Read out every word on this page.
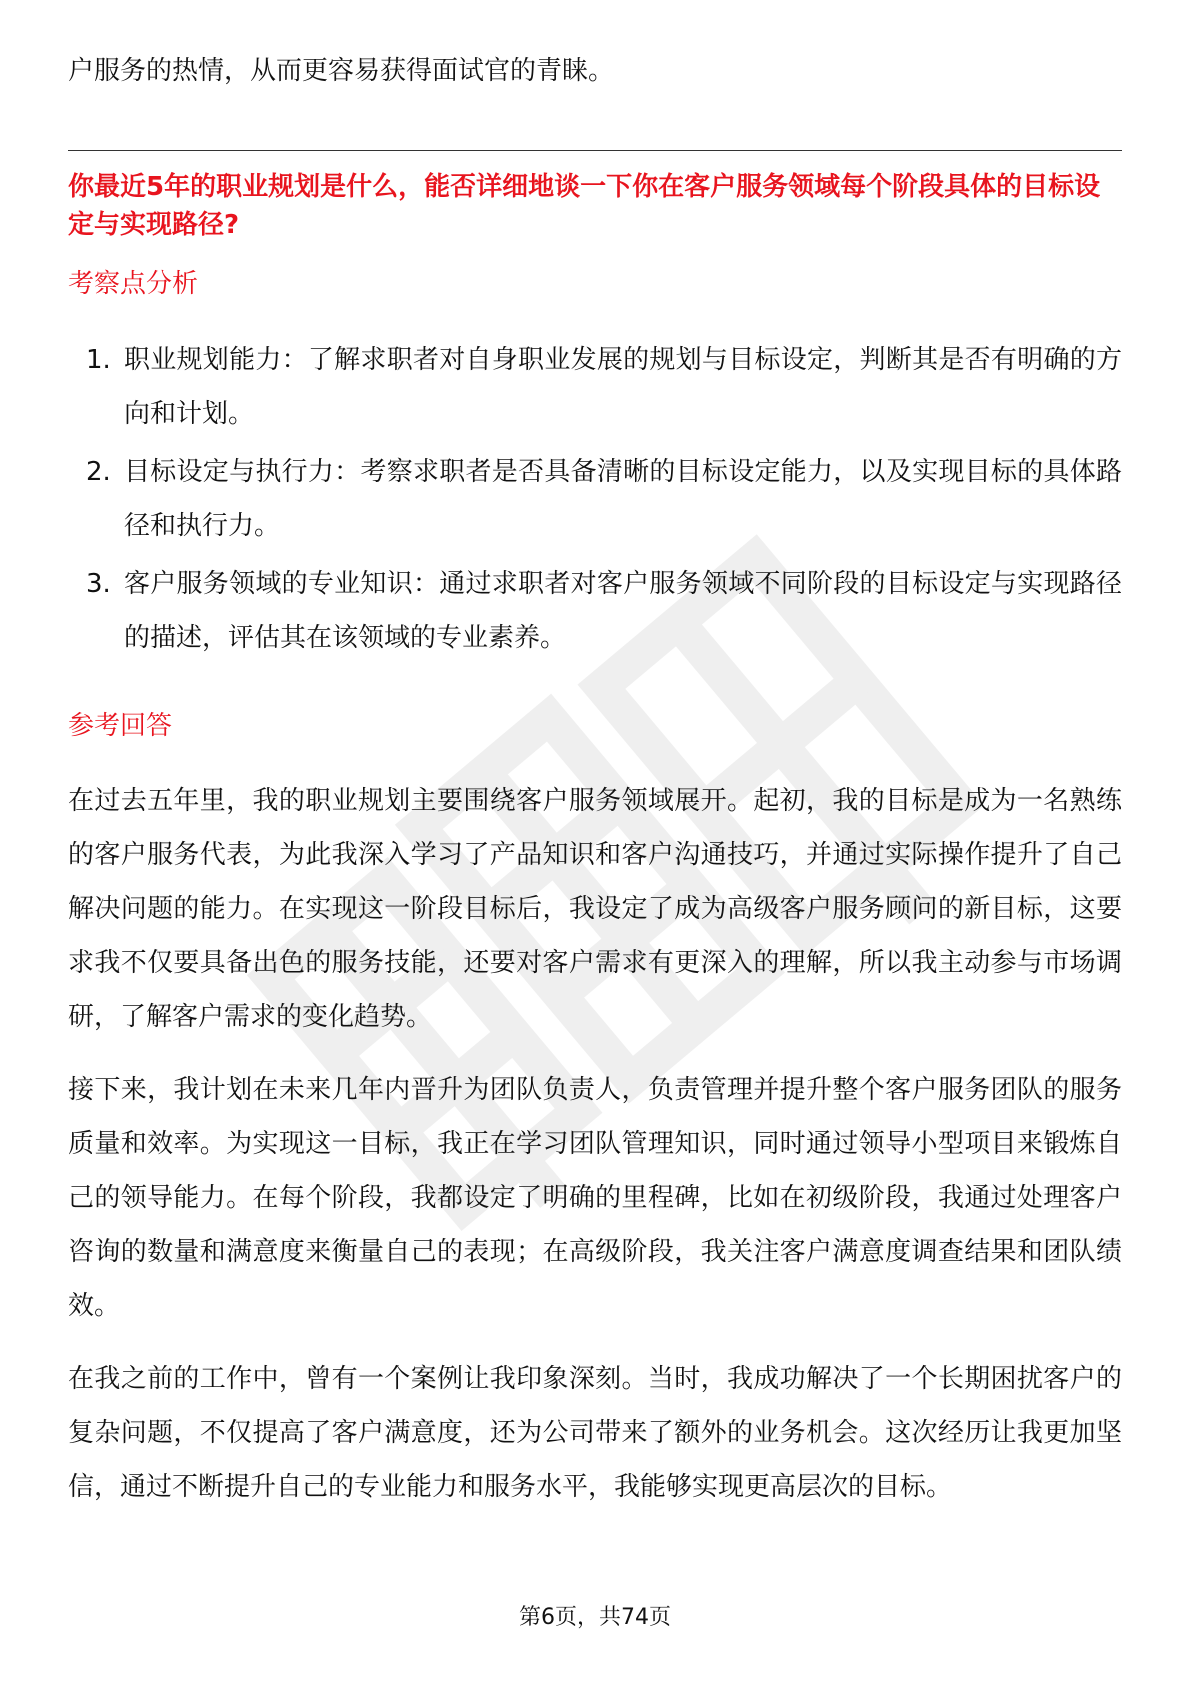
户服务的热情，从而更容易获得面试官的青睐。

你最近5年的职业规划是什么，能否详细地谈一下你在客户服务领域每个阶段具体的目标设定与实现路径?
考察点分析
1. 职业规划能力：了解求职者对自身职业发展的规划与目标设定，判断其是否有明确的方向和计划。
2. 目标设定与执行力：考察求职者是否具备清晰的目标设定能力，以及实现目标的具体路径和执行力。
3. 客户服务领域的专业知识：通过求职者对客户服务领域不同阶段的目标设定与实现路径的描述，评估其在该领域的专业素养。
参考回答

在过去五年里，我的职业规划主要围绕客户服务领域展开。起初，我的目标是成为一名熟练的客户服务代表，为此我深入学习了产品知识和客户沟通技巧，并通过实际操作提升了自己解决问题的能力。在实现这一阶段目标后，我设定了成为高级客户服务顾问的新目标，这要求我不仅要具备出色的服务技能，还要对客户需求有更深入的理解，所以我主动参与市场调研，了解客户需求的变化趋势。

接下来，我计划在未来几年内晋升为团队负责人，负责管理并提升整个客户服务团队的服务质量和效率。为实现这一目标，我正在学习团队管理知识，同时通过领导小型项目来锻炼自己的领导能力。在每个阶段，我都设定了明确的里程碑，比如在初级阶段，我通过处理客户咨询的数量和满意度来衡量自己的表现；在高级阶段，我关注客户满意度调查结果和团队绩效。

在我之前的工作中，曾有一个案例让我印象深刻。当时，我成功解决了一个长期困扰客户的复杂问题，不仅提高了客户满意度，还为公司带来了额外的业务机会。这次经历让我更加坚信，通过不断提升自己的专业能力和服务水平，我能够实现更高层次的目标。

第6页，共74页
